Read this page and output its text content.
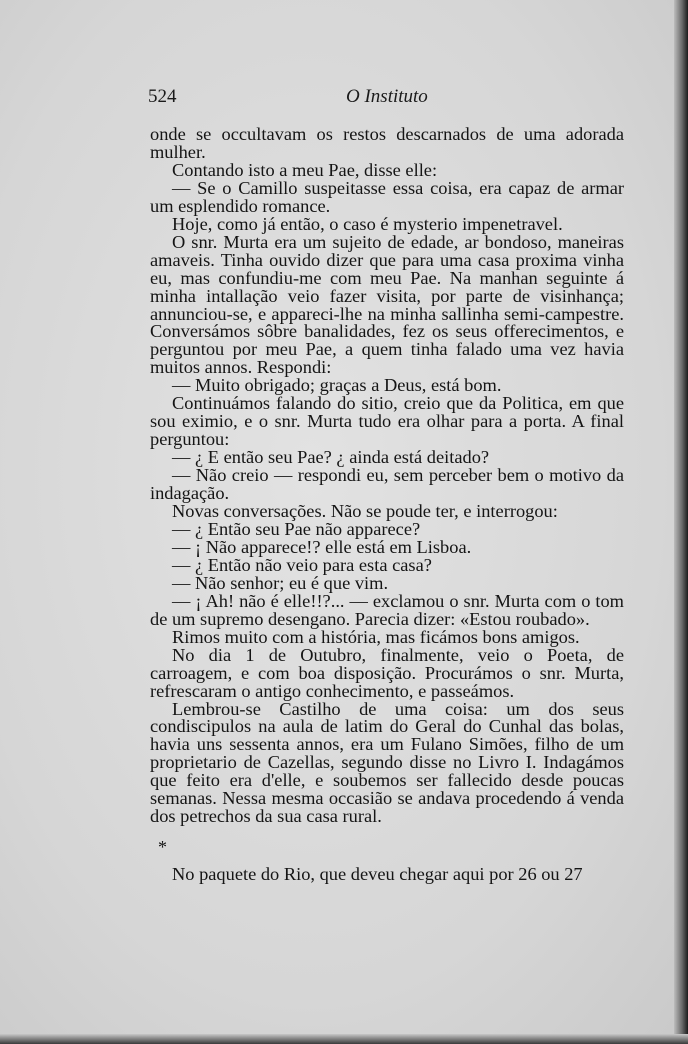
524	O Instituto

onde se occultavam os restos descarnados de uma adorada mulher.

Contando isto a meu Pae, disse elle:

— Se o Camillo suspeitasse essa coisa, era capaz de armar um esplendido romance.

Hoje, como já então, o caso é mysterio impenetravel.

O snr. Murta era um sujeito de edade, ar bondoso, maneiras amaveis. Tinha ouvido dizer que para uma casa proxima vinha eu, mas confundiu-me com meu Pae. Na manhan seguinte á minha intallação veio fazer visita, por parte de visinhança; annunciou-se, e appareci-lhe na minha sallinha semi-campestre. Conversámos sôbre banalidades, fez os seus offerecimentos, e perguntou por meu Pae, a quem tinha falado uma vez havia muitos annos. Respondi:

— Muito obrigado; graças a Deus, está bom.

Continuámos falando do sitio, creio que da Politica, em que sou eximio, e o snr. Murta tudo era olhar para a porta. A final perguntou:

— ¿ E então seu Pae? ¿ ainda está deitado?

— Não creio — respondi eu, sem perceber bem o motivo da indagação.

Novas conversações. Não se poude ter, e interrogou:

— ¿ Então seu Pae não apparece?

— ¡ Não apparece!? elle está em Lisboa.

— ¿ Então não veio para esta casa?

— Não senhor; eu é que vim.

— ¡ Ah! não é elle!!?... — exclamou o snr. Murta com o tom de um supremo desengano. Parecia dizer: «Estou roubado».

Rimos muito com a história, mas ficámos bons amigos.

No dia 1 de Outubro, finalmente, veio o Poeta, de carroagem, e com boa disposição. Procurámos o snr. Murta, refrescaram o antigo conhecimento, e passeámos.

Lembrou-se Castilho de uma coisa: um dos seus condiscipulos na aula de latim do Geral do Cunhal das bolas, havia uns sessenta annos, era um Fulano Simões, filho de um proprietario de Cazellas, segundo disse no Livro I. Indagámos que feito era d'elle, e soubemos ser fallecido desde poucas semanas. Nessa mesma occasião se andava procedendo á venda dos petrechos da sua casa rural.

*

No paquete do Rio, que deveu chegar aqui por 26 ou 27
